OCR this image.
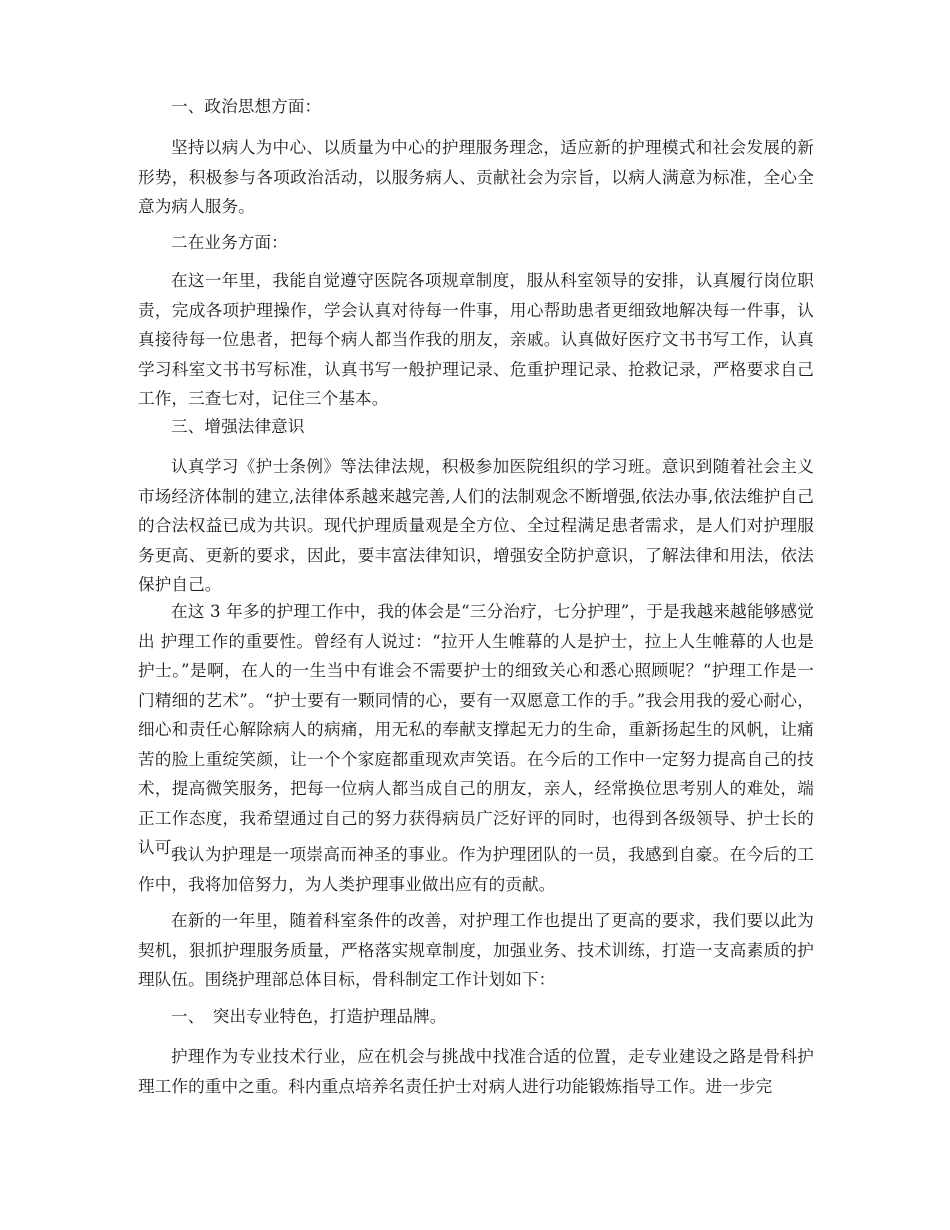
一、政治思想方面：

坚持以病人为中心、以质量为中心的护理服务理念，适应新的护理模式和社会发展的新形势，积极参与各项政治活动，以服务病人、贡献社会为宗旨，以病人满意为标准，全心全意为病人服务。

二在业务方面：

在这一年里，我能自觉遵守医院各项规章制度，服从科室领导的安排，认真履行岗位职责，完成各项护理操作，学会认真对待每一件事，用心帮助患者更细致地解决每一件事，认真接待每一位患者，把每个病人都当作我的朋友，亲戚。认真做好医疗文书书写工作，认真学习科室文书书写标准，认真书写一般护理记录、危重护理记录、抢救记录，严格要求自己工作，三查七对，记住三个基本。

三、增强法律意识

认真学习《护士条例》等法律法规，积极参加医院组织的学习班。意识到随着社会主义市场经济体制的建立,法律体系越来越完善,人们的法制观念不断增强,依法办事,依法维护自己的合法权益已成为共识。现代护理质量观是全方位、全过程满足患者需求，是人们对护理服务更高、更新的要求，因此，要丰富法律知识，增强安全防护意识，了解法律和用法，依法保护自己。

在这 3 年多的护理工作中，我的体会是“三分治疗，七分护理”，于是我越来越能够感觉出 护理工作的重要性。曾经有人说过：“拉开人生帷幕的人是护士，拉上人生帷幕的人也是护士。”是啊，在人的一生当中有谁会不需要护士的细致关心和悉心照顾呢？“护理工作是一门精细的艺术”。“护士要有一颗同情的心，要有一双愿意工作的手。”我会用我的爱心耐心，细心和责任心解除病人的病痛，用无私的奉献支撑起无力的生命，重新扬起生的风帆，让痛苦的脸上重绽笑颜，让一个个家庭都重现欢声笑语。在今后的工作中一定努力提高自己的技术，提高微笑服务，把每一位病人都当成自己的朋友，亲人，经常换位思考别人的难处，端正工作态度，我希望通过自己的努力获得病员广泛好评的同时，也得到各级领导、护士长的认可。

我认为护理是一项崇高而神圣的事业。作为护理团队的一员，我感到自豪。在今后的工作中，我将加倍努力，为人类护理事业做出应有的贡献。

在新的一年里，随着科室条件的改善，对护理工作也提出了更高的要求，我们要以此为契机，狠抓护理服务质量，严格落实规章制度，加强业务、技术训练，打造一支高素质的护理队伍。围绕护理部总体目标，骨科制定工作计划如下：

一、　突出专业特色，打造护理品牌。

护理作为专业技术行业，应在机会与挑战中找准合适的位置，走专业建设之路是骨科护理工作的重中之重。科内重点培养名责任护士对病人进行功能锻炼指导工作。进一步完
